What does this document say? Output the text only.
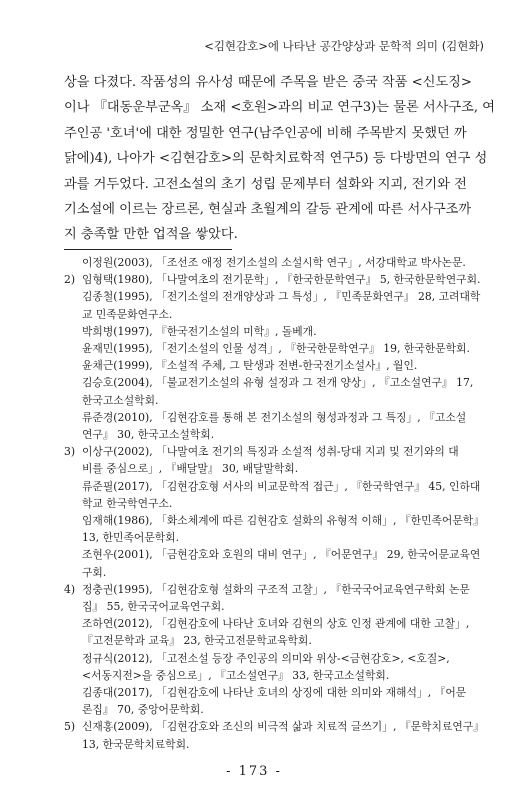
<김현감호>에 나타난 공간양상과 문학적 의미 (김현화)
상을 다졌다. 작품성의 유사성 때문에 주목을 받은 중국 작품 <신도징>
이나 『대동운부군옥』 소재 <호원>과의 비교 연구3)는 물론 서사구조, 여
주인공 '호녀'에 대한 정밀한 연구(남주인공에 비해 주목받지 못했던 까
닭에)4), 나아가 <김현감호>의 문학치료학적 연구5) 등 다방면의 연구 성
과를 거두었다. 고전소설의 초기 성립 문제부터 설화와 지괴, 전기와 전
기소설에 이르는 장르론, 현실과 초월계의 갈등 관계에 따른 서사구조까
지 충족할 만한 업적을 쌓았다.
이정원(2003), 「조선조 애정 전기소설의 소설시학 연구」, 서강대학교 박사논문.
2) 임형택(1980), 「나말여초의 전기문학」, 『한국한문학연구』 5, 한국한문학연구회.
김종철(1995), 「전기소설의 전개양상과 그 특성」, 『민족문화연구』 28, 고려대학
교 민족문화연구소.
박희병(1997), 『한국전기소설의 미학』, 돌베개.
윤재민(1995), 「전기소설의 인물 성격」, 『한국한문학연구』 19, 한국한문학회.
윤채근(1999), 『소설적 주체, 그 탄생과 전변-한국전기소설사』, 월인.
김승호(2004), 「불교전기소설의 유형 설정과 그 전개 양상」, 『고소설연구』 17,
한국고소설학회.
류준경(2010), 「김현감호를 통해 본 전기소설의 형성과정과 그 특징」, 『고소설
연구』 30, 한국고소설학회.
3) 이상구(2002), 「나말여초 전기의 특징과 소설적 성취-당대 지괴 및 전기와의 대
비를 중심으로」, 『배달말』 30, 배달말학회.
류준필(2017), 「김현감호형 서사의 비교문학적 접근」, 『한국학연구』 45, 인하대
학교 한국학연구소.
임재해(1986), 「화소체계에 따른 김현감호 설화의 유형적 이해」, 『한민족어문학』
13, 한민족어문학회.
조현우(2001), 「금현감호와 호원의 대비 연구」, 『어문연구』 29, 한국어문교육연
구회.
4) 정충권(1995), 「김현감호형 설화의 구조적 고찰」, 『한국국어교육연구학회 논문
집』 55, 한국국어교육연구회.
조하연(2012), 「김현감호에 나타난 호녀와 김현의 상호 인정 관계에 대한 고찰」,
『고전문학과 교육』 23, 한국고전문학교육학회.
정규식(2012), 「고전소설 등장 주인공의 의미와 위상-<금현감호>, <호질>,
<서동지전>을 중심으로」, 『고소설연구』 33, 한국고소설학회.
김종대(2017), 「김현감호에 나타난 호녀의 상징에 대한 의미와 재해석」, 『어문
론집』 70, 중앙어문학회.
5) 신재홍(2009), 「김현감호와 조신의 비극적 삶과 치료적 글쓰기」, 『문학치료연구』
13, 한국문학치료학회.
- 173 -
